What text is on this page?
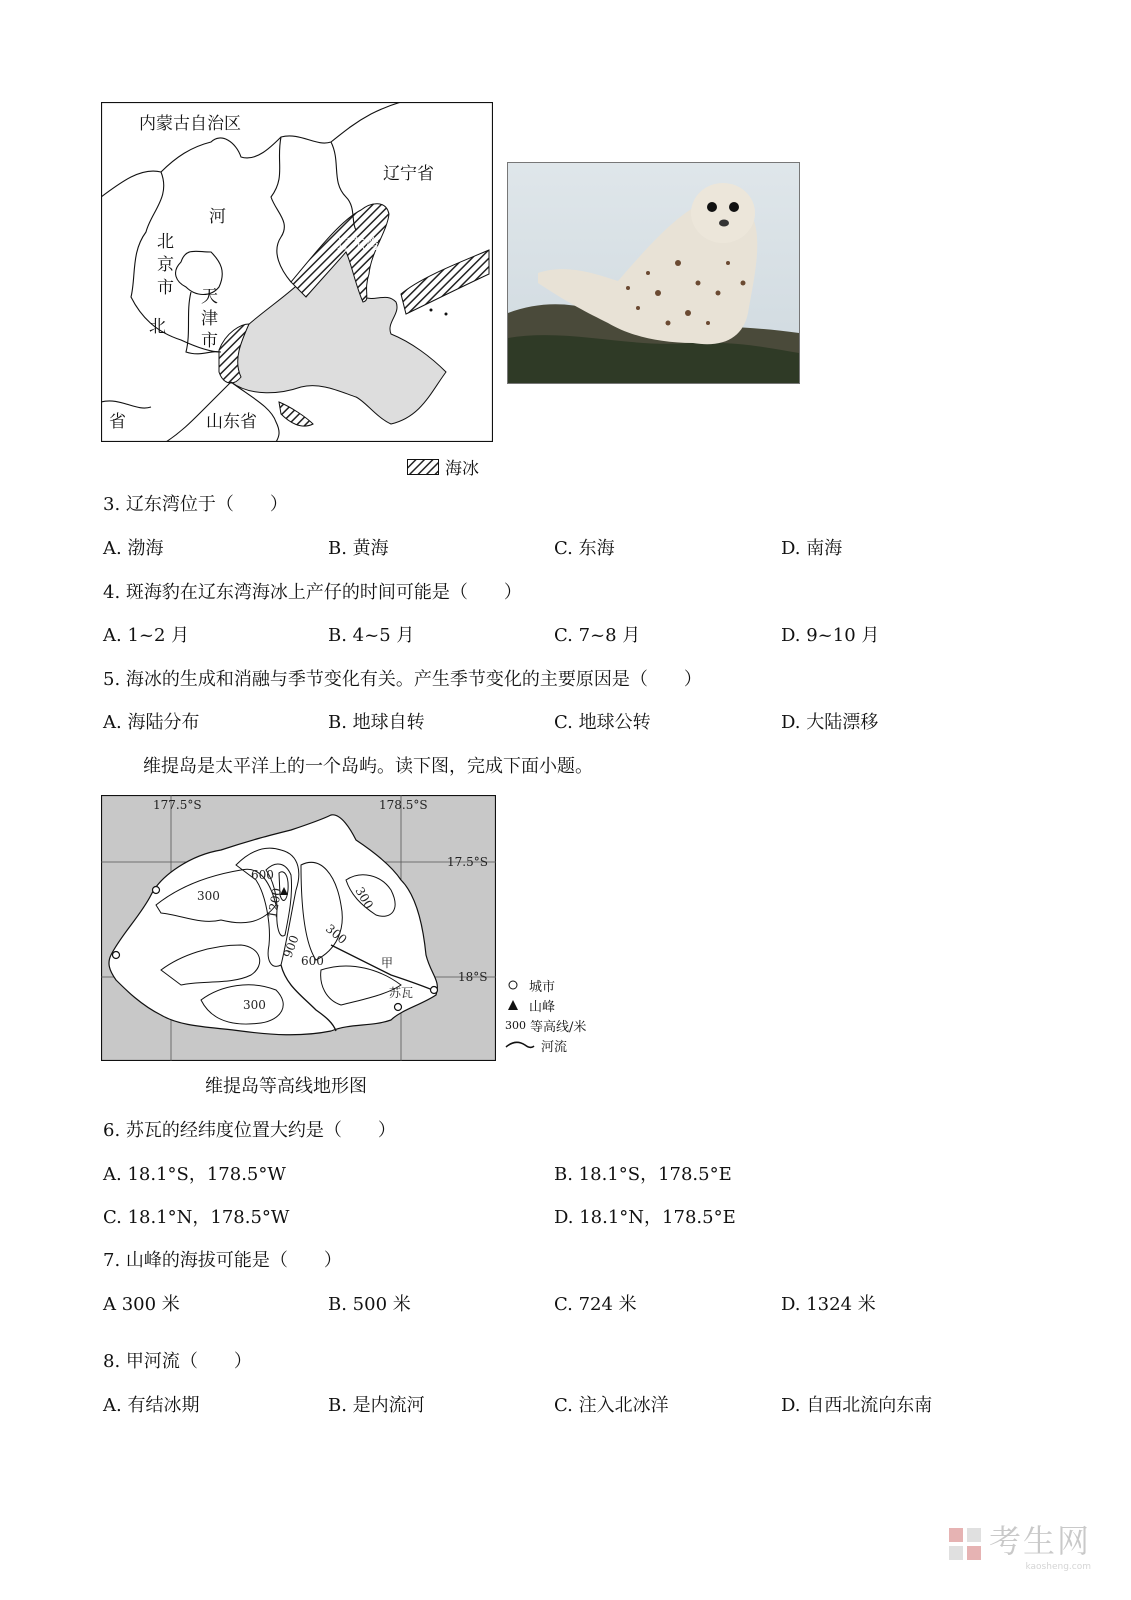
内蒙古自治区
辽宁省
河
北
京
市 天
津
市
北
省	山东省
辽东湾
海冰
3. 辽东湾位于（　　）
A. 渤海	B. 黄海	C. 东海	D. 南海
4. 斑海豹在辽东湾海冰上产仔的时间可能是（　　）
A. 1~2 月	B. 4~5 月	C. 7~8 月	D. 9~10 月
5. 海冰的生成和消融与季节变化有关。产生季节变化的主要原因是（　　）
A. 海陆分布	B. 地球自转	C. 地球公转	D. 大陆漂移
维提岛是太平洋上的一个岛屿。读下图，完成下面小题。
177.5°S	178.5°S
17.5°S
18°S
300
600
1200	300
300
900
600
300
甲
苏瓦	城市
山峰
300 等高线/米
河流
维提岛等高线地形图
6. 苏瓦的经纬度位置大约是（　　）
A. 18.1°S，178.5°W	B. 18.1°S，178.5°E
C. 18.1°N，178.5°W	D. 18.1°N，178.5°E
7. 山峰的海拔可能是（　　）
A 300 米	B. 500 米	C. 724 米	D. 1324 米
8. 甲河流（　　）
A. 有结冰期	B. 是内流河	C. 注入北冰洋	D. 自西北流向东南
考生网
kaosheng.com
